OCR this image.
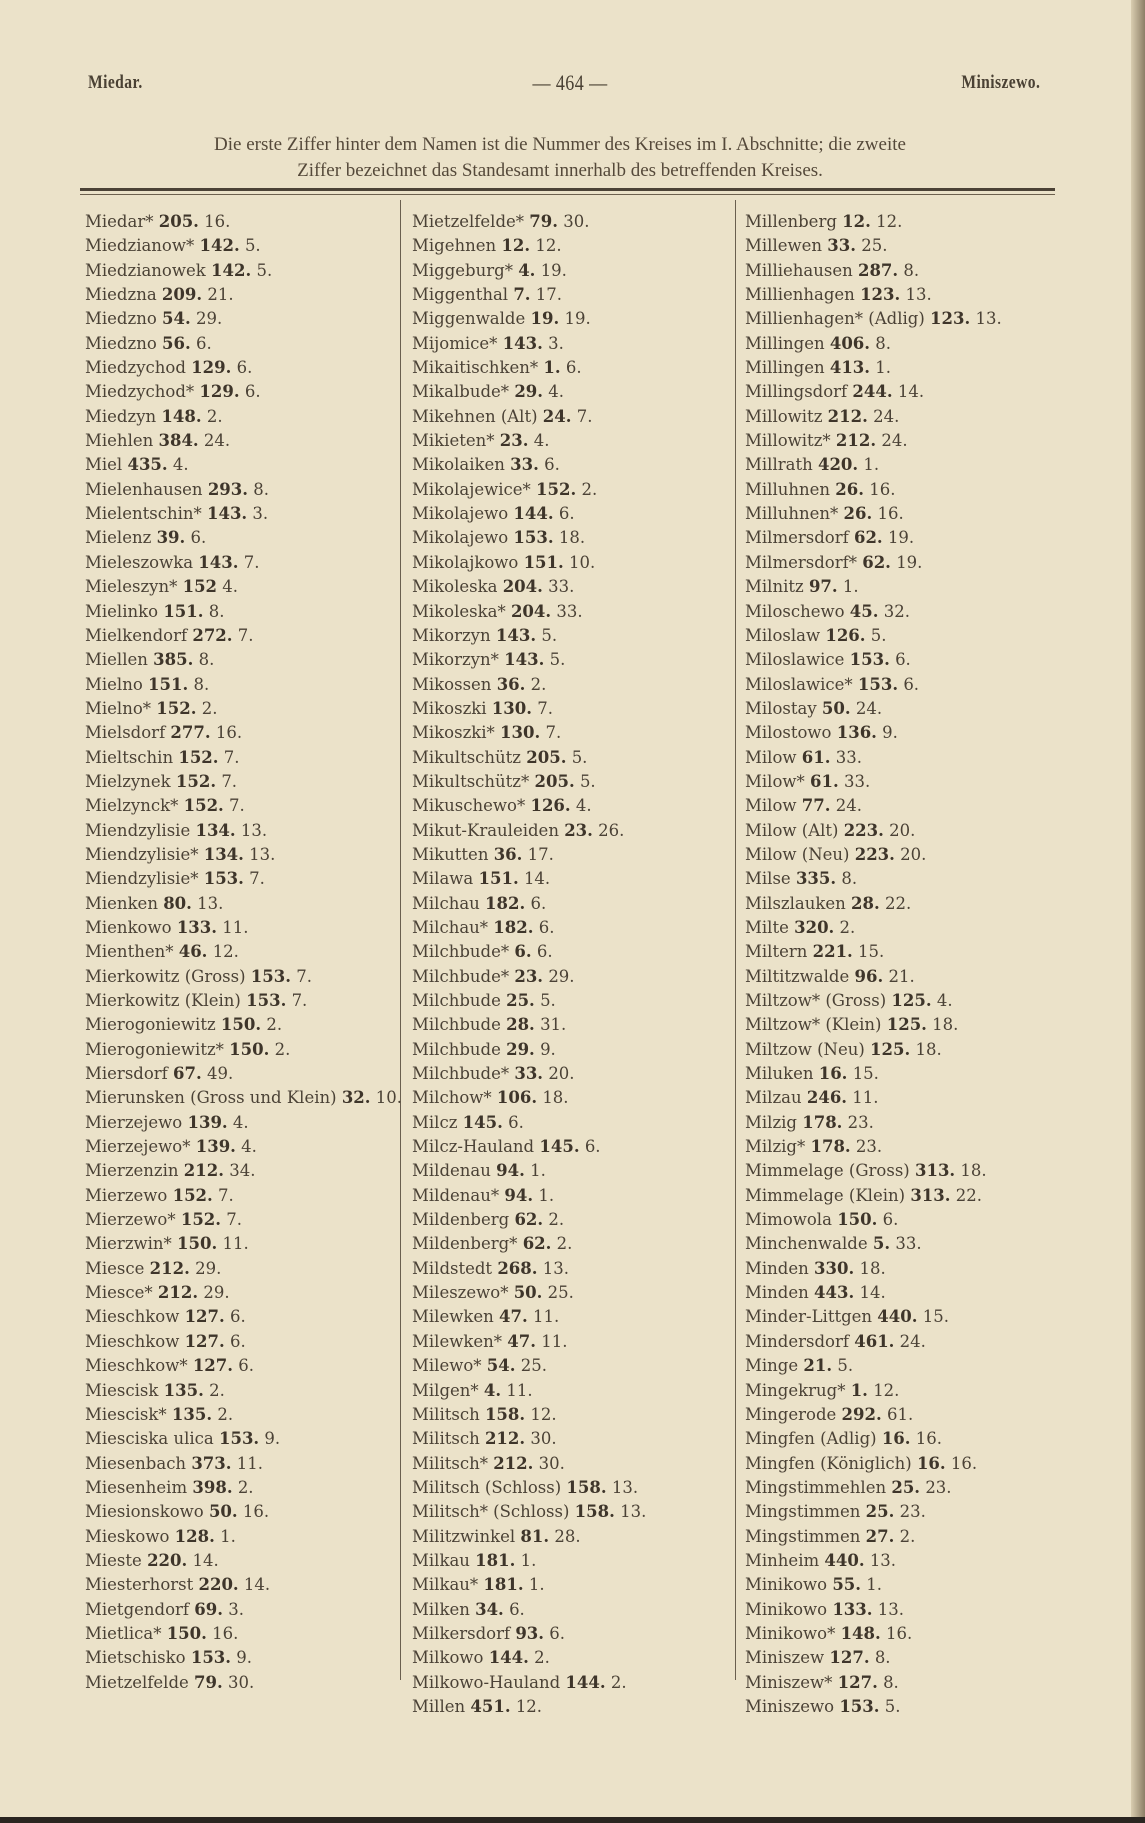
Miedar.	— 464 —	Miniszewo.
Die erste Ziffer hinter dem Namen ist die Nummer des Kreises im I. Abschnitte; die zweite
Ziffer bezeichnet das Standesamt innerhalb des betreffenden Kreises.
Miedar* 205. 16.
Miedzianow* 142. 5.
Miedzianowek 142. 5.
Miedzna 209. 21.
Miedzno 54. 29.
Miedzno 56. 6.
Miedzychod 129. 6.
Miedzychod* 129. 6.
Miedzyn 148. 2.
Miehlen 384. 24.
Miel 435. 4.
Mielenhausen 293. 8.
Mielentschin* 143. 3.
Mielenz 39. 6.
Mieleszowka 143. 7.
Mieleszyn* 152 4.
Mielinko 151. 8.
Mielkendorf 272. 7.
Miellen 385. 8.
Mielno 151. 8.
Mielno* 152. 2.
Mielsdorf 277. 16.
Mieltschin 152. 7.
Mielzynek 152. 7.
Mielzynck* 152. 7.
Miendzylisie 134. 13.
Miendzylisie* 134. 13.
Miendzylisie* 153. 7.
Mienken 80. 13.
Mienkowo 133. 11.
Mienthen* 46. 12.
Mierkowitz (Gross) 153. 7.
Mierkowitz (Klein) 153. 7.
Mierogoniewitz 150. 2.
Mierogoniewitz* 150. 2.
Miersdorf 67. 49.
Mierunsken (Gross und Klein) 32. 10.
Mierzejewo 139. 4.
Mierzejewo* 139. 4.
Mierzenzin 212. 34.
Mierzewo 152. 7.
Mierzewo* 152. 7.
Mierzwin* 150. 11.
Miesce 212. 29.
Miesce* 212. 29.
Mieschkow 127. 6.
Mieschkow 127. 6.
Mieschkow* 127. 6.
Miescisk 135. 2.
Miescisk* 135. 2.
Miesciska ulica 153. 9.
Miesenbach 373. 11.
Miesenheim 398. 2.
Miesionskowo 50. 16.
Mieskowo 128. 1.
Mieste 220. 14.
Miesterhorst 220. 14.
Mietgendorf 69. 3.
Mietlica* 150. 16.
Mietschisko 153. 9.
Mietzelfelde 79. 30.
Mietzelfelde* 79. 30.
Migehnen 12. 12.
Miggeburg* 4. 19.
Miggenthal 7. 17.
Miggenwalde 19. 19.
Mijomice* 143. 3.
Mikaitischken* 1. 6.
Mikalbude* 29. 4.
Mikehnen (Alt) 24. 7.
Mikieten* 23. 4.
Mikolaiken 33. 6.
Mikolajewice* 152. 2.
Mikolajewo 144. 6.
Mikolajewo 153. 18.
Mikolajkowo 151. 10.
Mikoleska 204. 33.
Mikoleska* 204. 33.
Mikorzyn 143. 5.
Mikorzyn* 143. 5.
Mikossen 36. 2.
Mikoszki 130. 7.
Mikoszki* 130. 7.
Mikultschütz 205. 5.
Mikultschütz* 205. 5.
Mikuschewo* 126. 4.
Mikut-Krauleiden 23. 26.
Mikutten 36. 17.
Milawa 151. 14.
Milchau 182. 6.
Milchau* 182. 6.
Milchbude* 6. 6.
Milchbude* 23. 29.
Milchbude 25. 5.
Milchbude 28. 31.
Milchbude 29. 9.
Milchbude* 33. 20.
Milchow* 106. 18.
Milcz 145. 6.
Milcz-Hauland 145. 6.
Mildenau 94. 1.
Mildenau* 94. 1.
Mildenberg 62. 2.
Mildenberg* 62. 2.
Mildstedt 268. 13.
Mileszewo* 50. 25.
Milewken 47. 11.
Milewken* 47. 11.
Milewo* 54. 25.
Milgen* 4. 11.
Militsch 158. 12.
Militsch 212. 30.
Militsch* 212. 30.
Militsch (Schloss) 158. 13.
Militsch* (Schloss) 158. 13.
Militzwinkel 81. 28.
Milkau 181. 1.
Milkau* 181. 1.
Milken 34. 6.
Milkersdorf 93. 6.
Milkowo 144. 2.
Milkowo-Hauland 144. 2.
Millen 451. 12.
Millenberg 12. 12.
Millewen 33. 25.
Milliehausen 287. 8.
Millienhagen 123. 13.
Millienhagen* (Adlig) 123. 13.
Millingen 406. 8.
Millingen 413. 1.
Millingsdorf 244. 14.
Millowitz 212. 24.
Millowitz* 212. 24.
Millrath 420. 1.
Milluhnen 26. 16.
Milluhnen* 26. 16.
Milmersdorf 62. 19.
Milmersdorf* 62. 19.
Milnitz 97. 1.
Miloschewo 45. 32.
Miloslaw 126. 5.
Miloslawice 153. 6.
Miloslawice* 153. 6.
Milostay 50. 24.
Milostowo 136. 9.
Milow 61. 33.
Milow* 61. 33.
Milow 77. 24.
Milow (Alt) 223. 20.
Milow (Neu) 223. 20.
Milse 335. 8.
Milszlauken 28. 22.
Milte 320. 2.
Miltern 221. 15.
Miltitzwalde 96. 21.
Miltzow* (Gross) 125. 4.
Miltzow* (Klein) 125. 18.
Miltzow (Neu) 125. 18.
Miluken 16. 15.
Milzau 246. 11.
Milzig 178. 23.
Milzig* 178. 23.
Mimmelage (Gross) 313. 18.
Mimmelage (Klein) 313. 22.
Mimowola 150. 6.
Minchenwalde 5. 33.
Minden 330. 18.
Minden 443. 14.
Minder-Littgen 440. 15.
Mindersdorf 461. 24.
Minge 21. 5.
Mingekrug* 1. 12.
Mingerode 292. 61.
Mingfen (Adlig) 16. 16.
Mingfen (Königlich) 16. 16.
Mingstimmehlen 25. 23.
Mingstimmen 25. 23.
Mingstimmen 27. 2.
Minheim 440. 13.
Minikowo 55. 1.
Minikowo 133. 13.
Minikowo* 148. 16.
Miniszew 127. 8.
Miniszew* 127. 8.
Miniszewo 153. 5.
